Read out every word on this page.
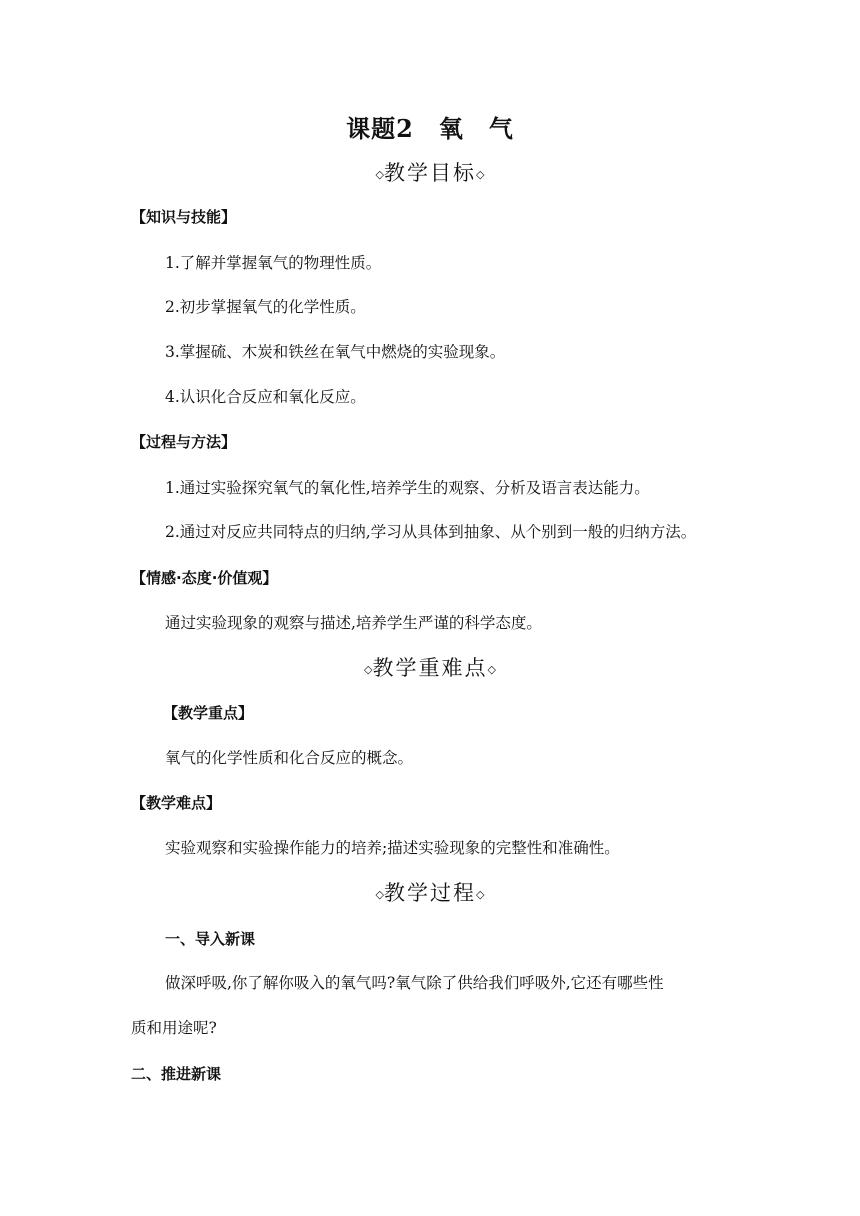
课题2　氧　气
◇教学目标◇
【知识与技能】
1.了解并掌握氧气的物理性质。
2.初步掌握氧气的化学性质。
3.掌握硫、木炭和铁丝在氧气中燃烧的实验现象。
4.认识化合反应和氧化反应。
【过程与方法】
1.通过实验探究氧气的氧化性,培养学生的观察、分析及语言表达能力。
2.通过对反应共同特点的归纳,学习从具体到抽象、从个别到一般的归纳方法。
【情感·态度·价值观】
通过实验现象的观察与描述,培养学生严谨的科学态度。
◇教学重难点◇
【教学重点】
氧气的化学性质和化合反应的概念。
【教学难点】
实验观察和实验操作能力的培养;描述实验现象的完整性和准确性。
◇教学过程◇
一、导入新课
做深呼吸,你了解你吸入的氧气吗?氧气除了供给我们呼吸外,它还有哪些性
质和用途呢?
二、推进新课
